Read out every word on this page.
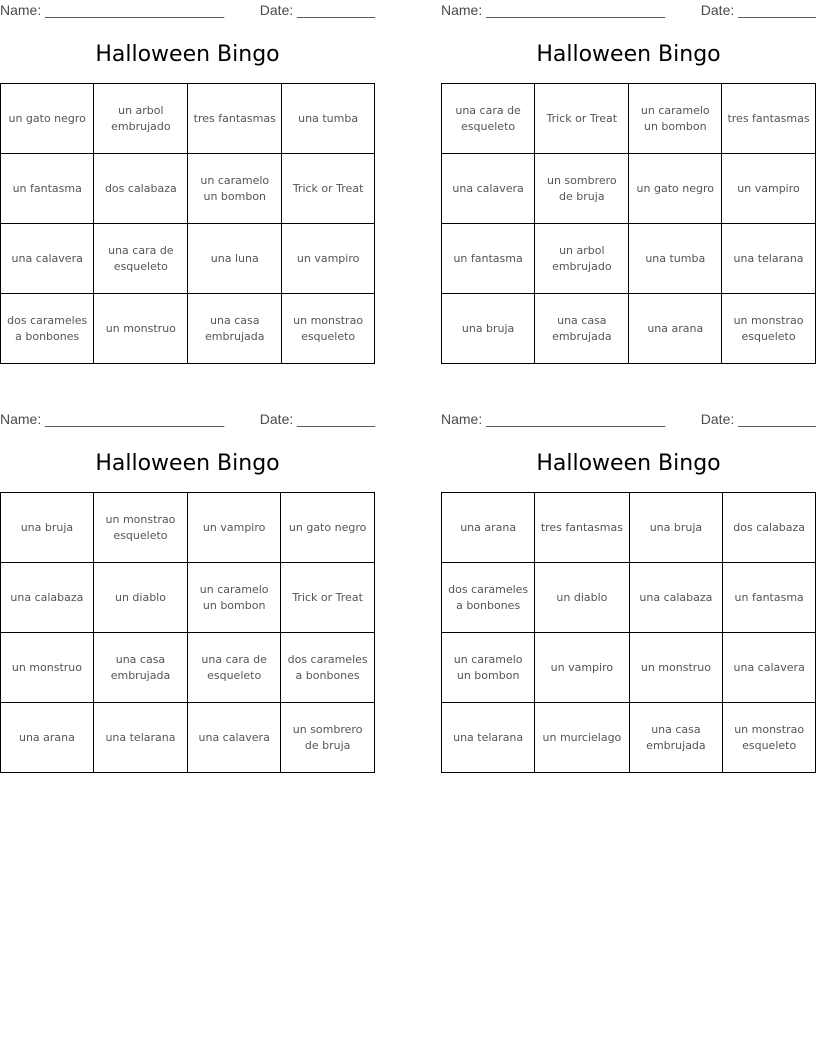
Name: _______________________	Date: __________
Halloween Bingo
un gato negro	un arbol embrujado	tres fantasmas	una tumba
un fantasma	dos calabaza	un caramelo un bombon	Trick or Treat
una calavera	una cara de esqueleto	una luna	un vampiro
dos carameles a bonbones	un monstruo	una casa embrujada	un monstrao esqueleto
Name: _______________________	Date: __________
Halloween Bingo
una cara de esqueleto	Trick or Treat	un caramelo un bombon	tres fantasmas
una calavera	un sombrero de bruja	un gato negro	un vampiro
un fantasma	un arbol embrujado	una tumba	una telarana
una bruja	una casa embrujada	una arana	un monstrao esqueleto
Name: _______________________	Date: __________
Halloween Bingo
una bruja	un monstrao esqueleto	un vampiro	un gato negro
una calabaza	un diablo	un caramelo un bombon	Trick or Treat
un monstruo	una casa embrujada	una cara de esqueleto	dos carameles a bonbones
una arana	una telarana	una calavera	un sombrero de bruja
Name: _______________________	Date: __________
Halloween Bingo
una arana	tres fantasmas	una bruja	dos calabaza
dos carameles a bonbones	un diablo	una calabaza	un fantasma
un caramelo un bombon	un vampiro	un monstruo	una calavera
una telarana	un murcielago	una casa embrujada	un monstrao esqueleto
